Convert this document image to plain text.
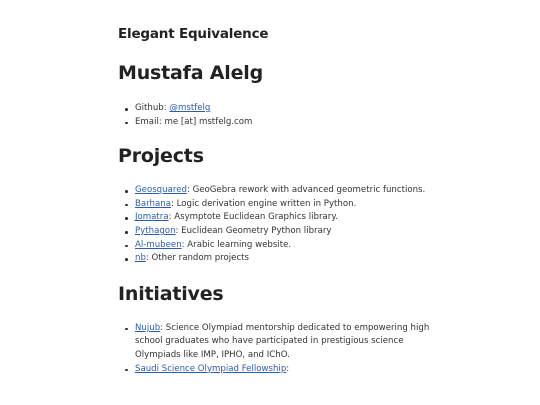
Elegant Equivalence
Mustafa Alelg
Github: @mstfelg
Email: me [at] mstfelg.com
Projects
Geosquared: GeoGebra rework with advanced geometric functions.
Barhana: Logic derivation engine written in Python.
Jomatra: Asymptote Euclidean Graphics library.
Pythagon: Euclidean Geometry Python library
Al-mubeen: Arabic learning website.
nb: Other random projects
Initiatives
Nujub: Science Olympiad mentorship dedicated to empowering high school graduates who have participated in prestigious science Olympiads like IMP, IPHO, and IChO.
Saudi Science Olympiad Fellowship:
